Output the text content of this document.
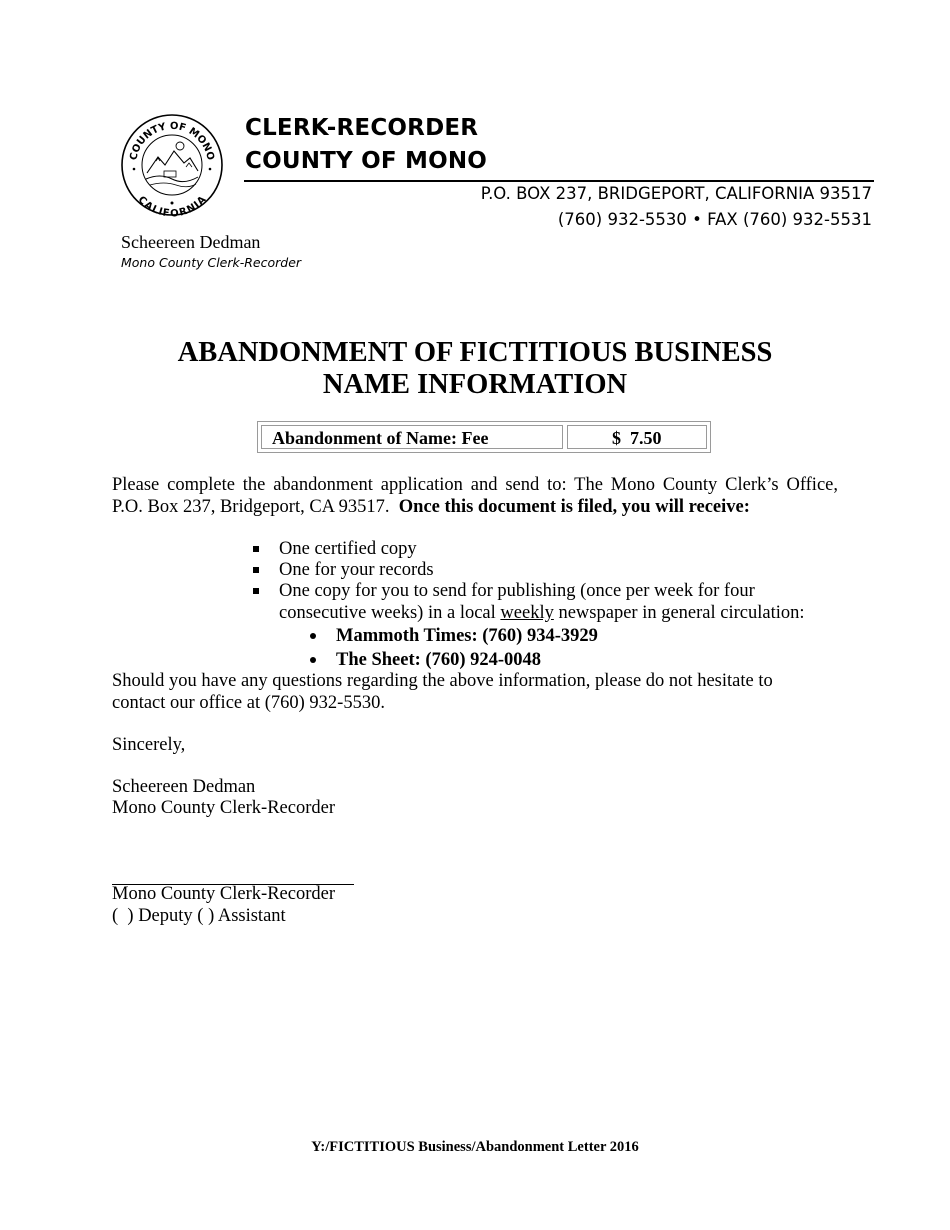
COUNTY OF MONO
CALIFORNIA
CLERK-RECORDER
COUNTY OF MONO
P.O. BOX 237, BRIDGEPORT, CALIFORNIA 93517
(760) 932-5530 • FAX (760) 932-5531
Scheereen Dedman
Mono County Clerk-Recorder
ABANDONMENT OF FICTITIOUS BUSINESS
NAME INFORMATION
Abandonment of Name: Fee	$  7.50
Please complete the abandonment application and send to: The Mono County Clerk’s Office,
P.O. Box 237, Bridgeport, CA 93517. Once this document is filed, you will receive:
One certified copy
One for your records
One copy for you to send for publishing (once per week for four
consecutive weeks) in a local weekly newspaper in general circulation:
Mammoth Times: (760) 934-3929
The Sheet: (760) 924-0048
Should you have any questions regarding the above information, please do not hesitate to contact our office at (760) 932-5530.
Sincerely,
Scheereen Dedman
Mono County Clerk-Recorder
Mono County Clerk-Recorder
(  ) Deputy ( ) Assistant
Y:/FICTITIOUS Business/Abandonment Letter 2016
